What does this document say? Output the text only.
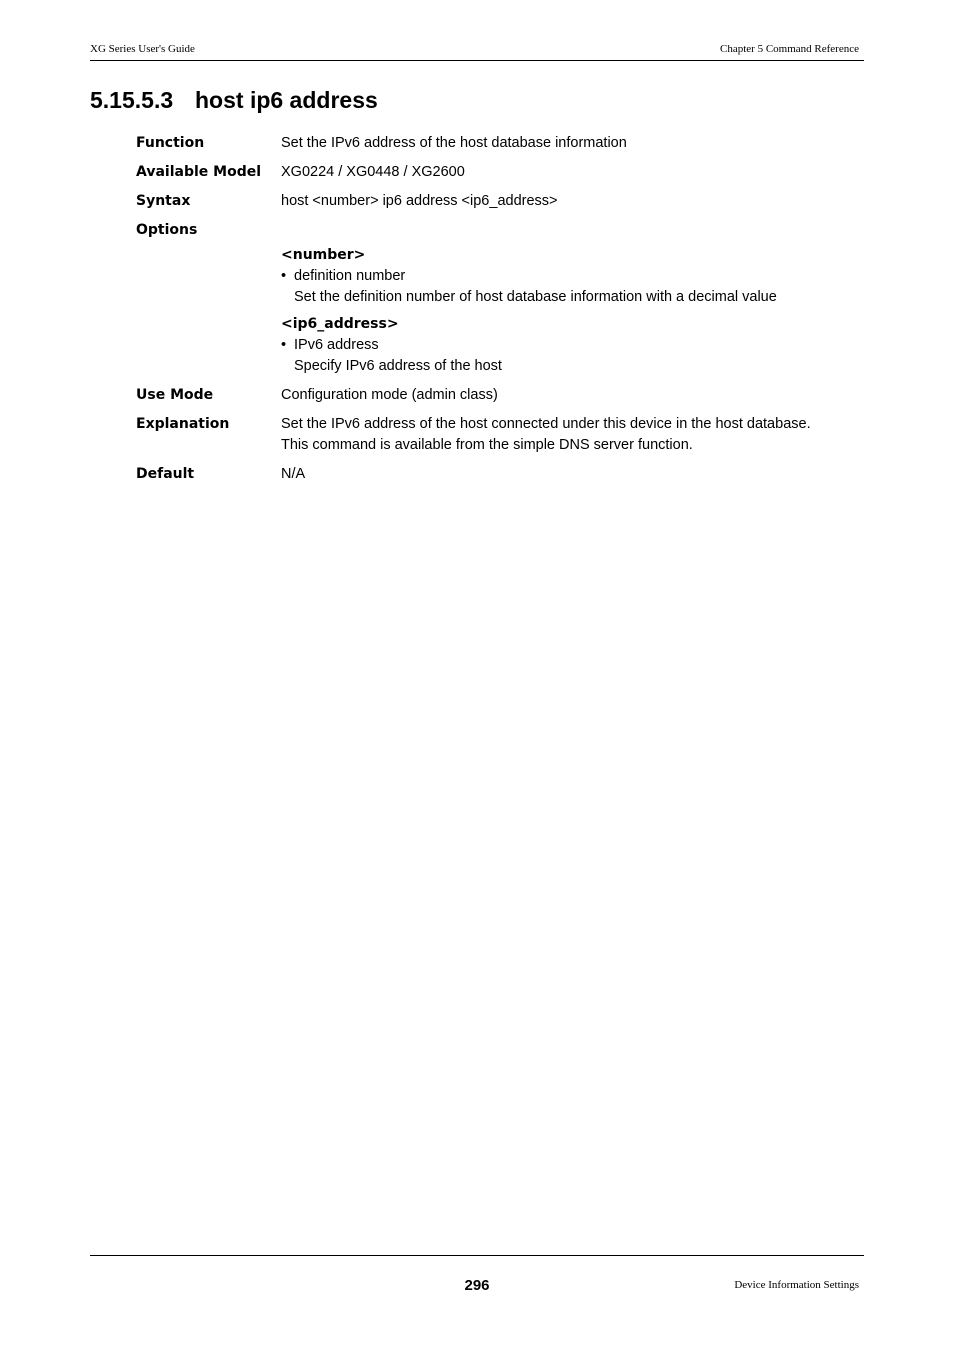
XG Series User's Guide	Chapter 5 Command Reference
5.15.5.3 host ip6 address
Function	Set the IPv6 address of the host database information
Available Model	XG0224 / XG0448 / XG2600
Syntax	host <number> ip6 address <ip6_address>
Options
<number>
• definition number
Set the definition number of host database information with a decimal value
<ip6_address>
• IPv6 address
Specify IPv6 address of the host
Use Mode	Configuration mode (admin class)
Explanation	Set the IPv6 address of the host connected under this device in the host database.
This command is available from the simple DNS server function.
Default	N/A
296	Device Information Settings
